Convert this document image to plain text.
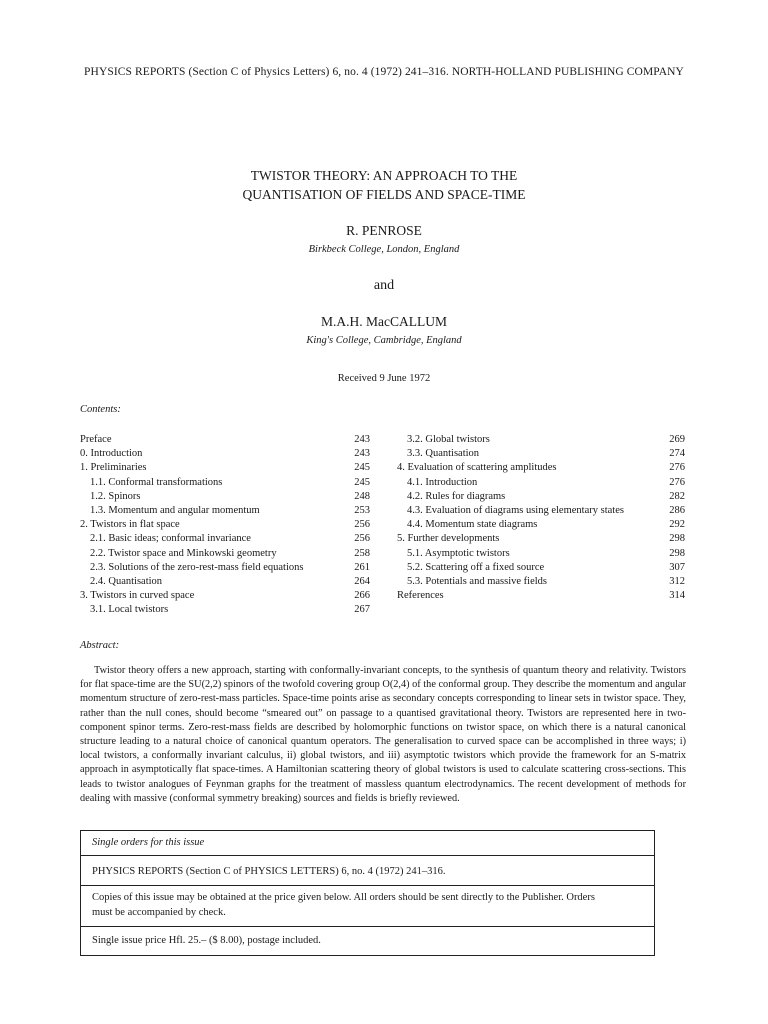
PHYSICS REPORTS (Section C of Physics Letters) 6, no. 4 (1972) 241–316. NORTH-HOLLAND PUBLISHING COMPANY
TWISTOR THEORY: AN APPROACH TO THE
QUANTISATION OF FIELDS AND SPACE-TIME
R. PENROSE
Birkbeck College, London, England
and
M.A.H. MacCALLUM
King's College, Cambridge, England
Received 9 June 1972
Contents:
Preface	243
0. Introduction	243
1. Preliminaries	245
1.1. Conformal transformations	245
1.2. Spinors	248
1.3. Momentum and angular momentum	253
2. Twistors in flat space	256
2.1. Basic ideas; conformal invariance	256
2.2. Twistor space and Minkowski geometry	258
2.3. Solutions of the zero-rest-mass field equations	261
2.4. Quantisation	264
3. Twistors in curved space	266
3.1. Local twistors	267
3.2. Global twistors	269
3.3. Quantisation	274
4. Evaluation of scattering amplitudes	276
4.1. Introduction	276
4.2. Rules for diagrams	282
4.3. Evaluation of diagrams using elementary states	286
4.4. Momentum state diagrams	292
5. Further developments	298
5.1. Asymptotic twistors	298
5.2. Scattering off a fixed source	307
5.3. Potentials and massive fields	312
References	314
Abstract:
Twistor theory offers a new approach, starting with conformally-invariant concepts, to the synthesis of quantum theory and relativity. Twistors for flat space-time are the SU(2,2) spinors of the twofold covering group O(2,4) of the conformal group. They describe the momentum and angular momentum structure of zero-rest-mass particles. Space-time points arise as secondary concepts corresponding to linear sets in twistor space. They, rather than the null cones, should become “smeared out” on passage to a quantised gravitational theory. Twistors are represented here in two-component spinor terms. Zero-rest-mass fields are described by holomorphic functions on twistor space, on which there is a natural canonical structure leading to a natural choice of canonical quantum operators. The generalisation to curved space can be accomplished in three ways; i) local twistors, a conformally invariant calculus, ii) global twistors, and iii) asymptotic twistors which provide the framework for an S-matrix approach in asymptotically flat space-times. A Hamiltonian scattering theory of global twistors is used to calculate scattering cross-sections. This leads to twistor analogues of Feynman graphs for the treatment of massless quantum electrodynamics. The recent development of methods for dealing with massive (conformal symmetry breaking) sources and fields is briefly reviewed.
Single orders for this issue
PHYSICS REPORTS (Section C of PHYSICS LETTERS) 6, no. 4 (1972) 241–316.
Copies of this issue may be obtained at the price given below. All orders should be sent directly to the Publisher. Orders
must be accompanied by check.
Single issue price Hfl. 25.– ($ 8.00), postage included.
